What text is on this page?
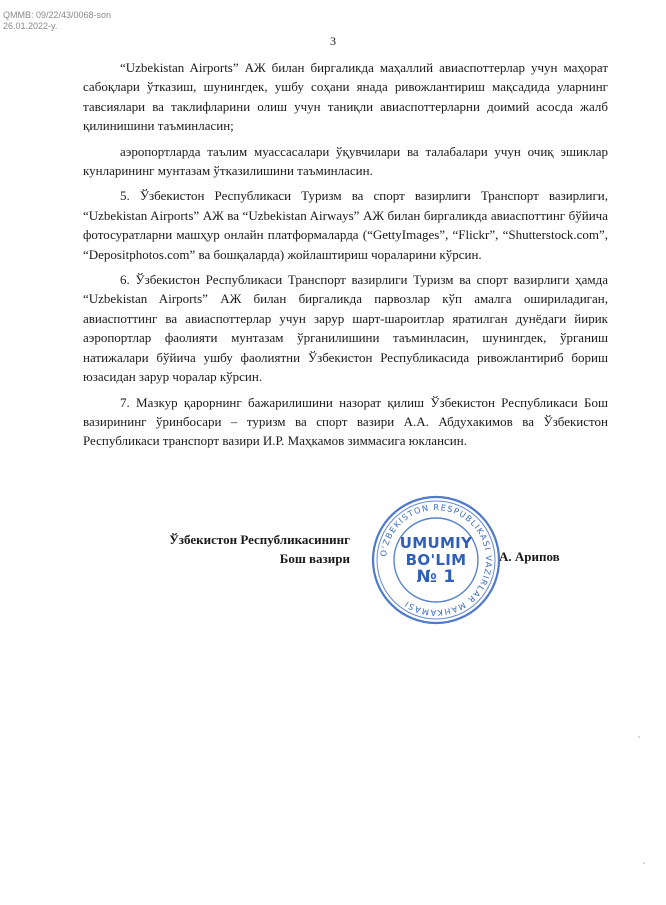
QMMB: 09/22/43/0068-son
26.01.2022-y.
3

“Uzbekistan Airports” АЖ билан биргаликда маҳаллий авиаспоттерлар учун маҳорат сабоқлари ўтказиш, шунингдек, ушбу соҳани янада ривожлантириш мақсадида уларнинг тавсиялари ва таклифларини олиш учун таниқли авиаспоттерларни доимий асосда жалб қилинишини таъминласин;

аэропортларда таълим муассасалари ўқувчилари ва талабалари учун очиқ эшиклар кунларининг мунтазам ўтказилишини таъминласин.

5. Ўзбекистон Республикаси Туризм ва спорт вазирлиги Транспорт вазирлиги, “Uzbekistan Airports” АЖ ва “Uzbekistan Airways” АЖ билан биргаликда авиаспоттинг бўйича фотосуратларни машҳур онлайн платформаларда (“GettyImages”, “Flickr”, “Shutterstock.com”, “Depositphotos.com” ва бошқаларда) жойлаштириш чораларини кўрсин.

6. Ўзбекистон Республикаси Транспорт вазирлиги Туризм ва спорт вазирлиги ҳамда “Uzbekistan Airports” АЖ билан биргаликда парвозлар кўп амалга ошириладиган, авиаспоттинг ва авиаспоттерлар учун зарур шарт-шароитлар яратилган дунёдаги йирик аэропортлар фаолияти мунтазам ўрганилишини таъминласин, шунингдек, ўрганиш натижалари бўйича ушбу фаолиятни Ўзбекистон Республикасида ривожлантириб бориш юзасидан зарур чоралар кўрсин.

7. Мазкур қарорнинг бажарилишини назорат қилиш Ўзбекистон Республикаси Бош вазирининг ўринбосари – туризм ва спорт вазири А.А. Абдухакимов ва Ўзбекистон Республикаси транспорт вазири И.Р. Маҳкамов зиммасига юклансин.

Ўзбекистон Республикасининг
Бош вазири	А. Арипов
O'ZBEKISTON RESPUBLIKASI VAZIRLAR MAHKAMASI
UMUMIY
BO'LIM
№ 1
